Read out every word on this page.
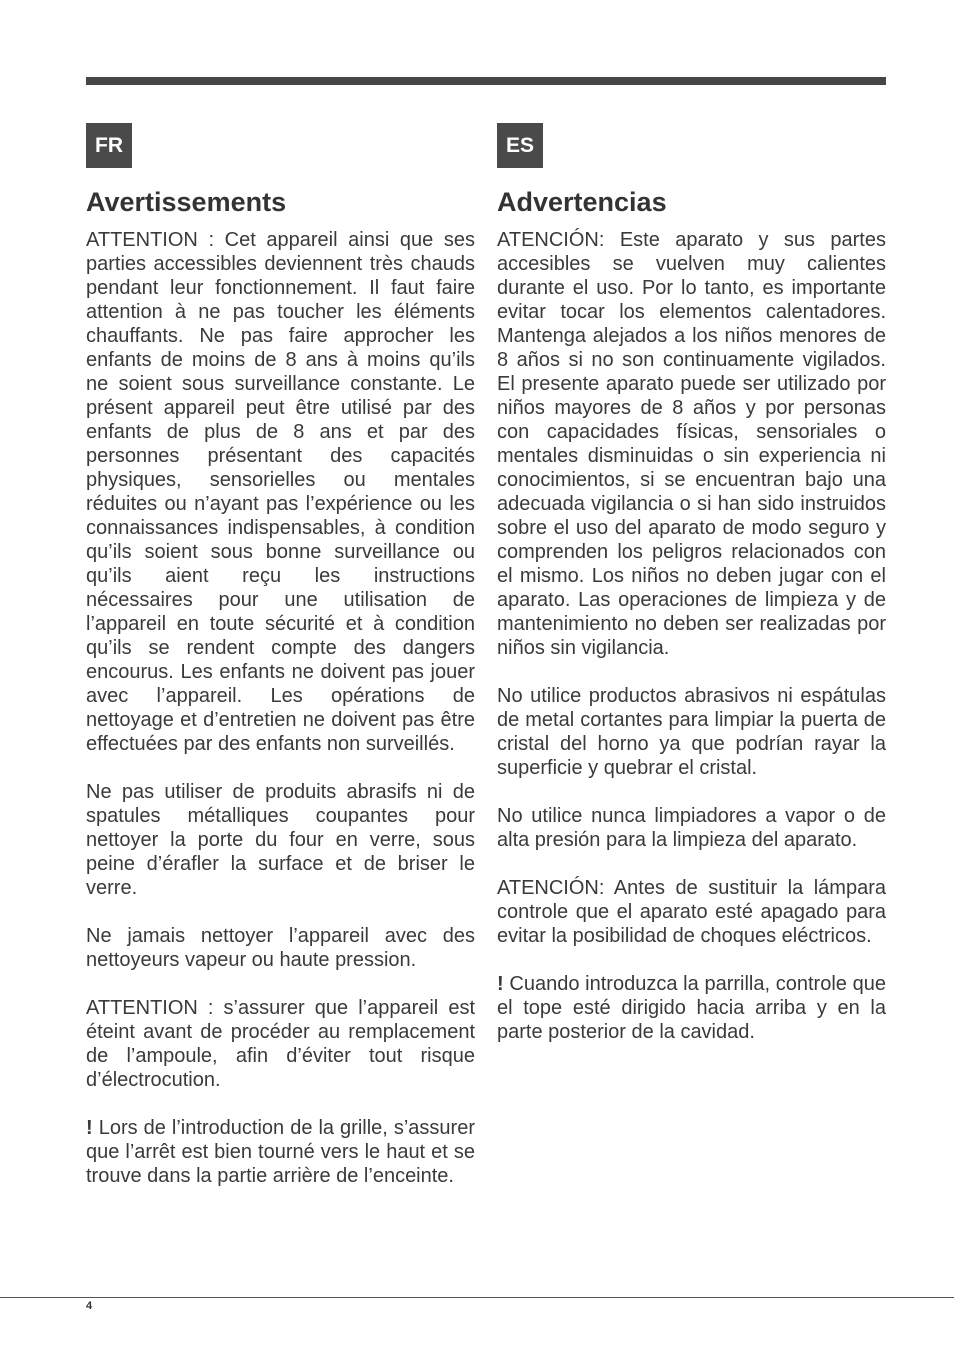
FR
Avertissements

ATTENTION : Cet appareil ainsi que ses parties accessibles deviennent très chauds pendant leur fonctionnement. Il faut faire attention à ne pas toucher les éléments chauffants. Ne pas faire approcher les enfants de moins de 8 ans à moins qu’ils ne soient sous surveillance constante. Le présent appareil peut être utilisé par des enfants de plus de 8 ans et par des personnes présentant des capacités physiques, sensorielles ou mentales réduites ou n’ayant pas l’expérience ou les connaissances indispensables, à condition qu’ils soient sous bonne surveillance ou qu’ils aient reçu les instructions nécessaires pour une utilisation de l’appareil en toute sécurité et à condition qu’ils se rendent compte des dangers encourus. Les enfants ne doivent pas jouer avec l’appareil. Les opérations de nettoyage et d’entretien ne doivent pas être effectuées par des enfants non surveillés.

Ne pas utiliser de produits abrasifs ni de spatules métalliques coupantes pour nettoyer la porte du four en verre, sous peine d’érafler la surface et de briser le verre.

Ne jamais nettoyer l’appareil avec des nettoyeurs vapeur ou haute pression.

ATTENTION : s’assurer que l’appareil est éteint avant de procéder au remplacement de l’ampoule, afin d’éviter tout risque d’électrocution.

! Lors de l’introduction de la grille, s’assurer que l’arrêt est bien tourné vers le haut et se trouve dans la partie arrière de l’enceinte.

ES
Advertencias

ATENCIÓN: Este aparato y sus partes accesibles se vuelven muy calientes durante el uso. Por lo tanto, es importante evitar tocar los elementos calentadores. Mantenga alejados a los niños menores de 8 años si no son continuamente vigilados. El presente aparato puede ser utilizado por niños mayores de 8 años y por personas con capacidades físicas, sensoriales o mentales disminuidas o sin experiencia ni conocimientos, si se encuentran bajo una adecuada vigilancia o si han sido instruidos sobre el uso del aparato de modo seguro y comprenden los peligros relacionados con el mismo. Los niños no deben jugar con el aparato. Las operaciones de limpieza y de mantenimiento no deben ser realizadas por niños sin vigilancia.

No utilice productos abrasivos ni espátulas de metal cortantes para limpiar la puerta de cristal del horno ya que podrían rayar la superficie y quebrar el cristal.

No utilice nunca limpiadores a vapor o de alta presión para la limpieza del aparato.

ATENCIÓN: Antes de sustituir la lámpara controle que el aparato esté apagado para evitar la posibilidad de choques eléctricos.

! Cuando introduzca la parrilla, controle que el tope esté dirigido hacia arriba y en la parte posterior de la cavidad.

4
